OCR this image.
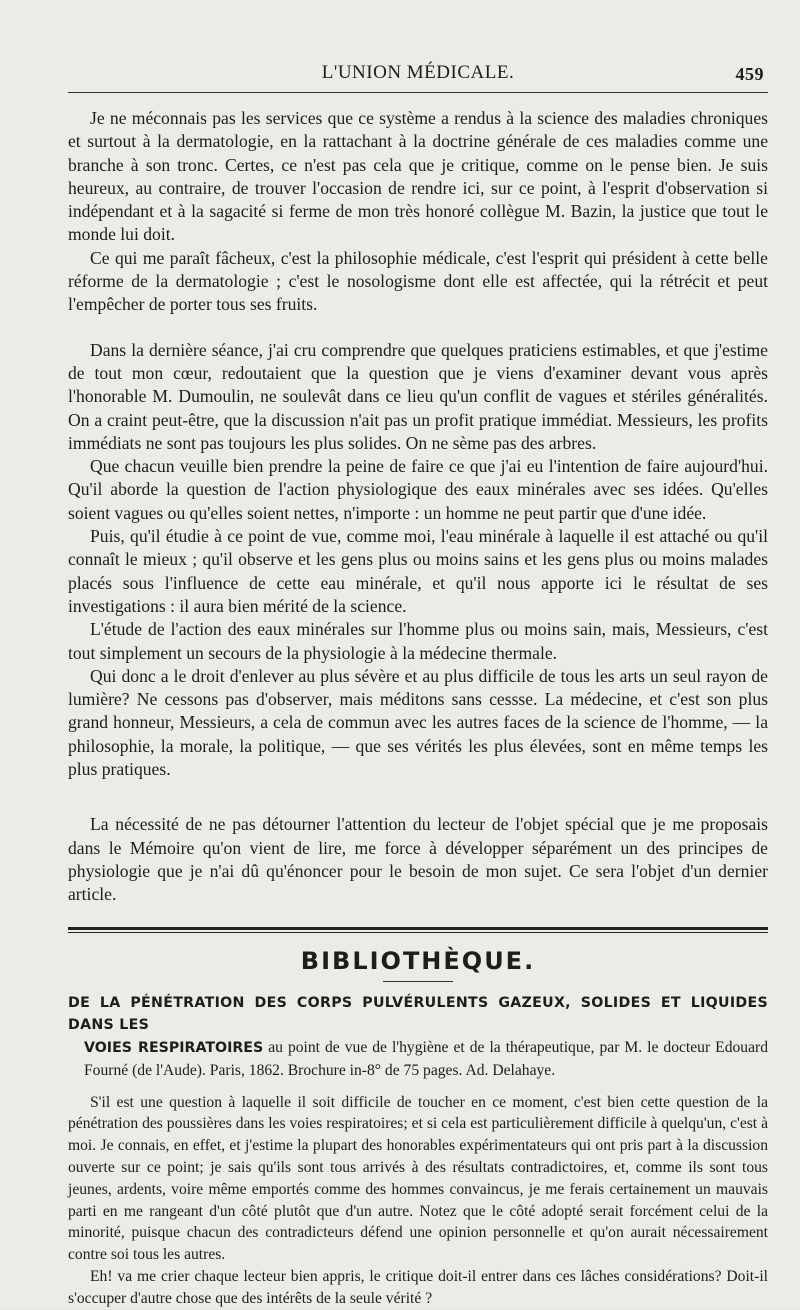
L'UNION MÉDICALE.	459

Je ne méconnais pas les services que ce système a rendus à la science des maladies chroniques et surtout à la dermatologie, en la rattachant à la doctrine générale de ces maladies comme une branche à son tronc. Certes, ce n'est pas cela que je critique, comme on le pense bien. Je suis heureux, au contraire, de trouver l'occasion de rendre ici, sur ce point, à l'esprit d'observation si indépendant et à la sagacité si ferme de mon très honoré collègue M. Bazin, la justice que tout le monde lui doit.

Ce qui me paraît fâcheux, c'est la philosophie médicale, c'est l'esprit qui président à cette belle réforme de la dermatologie ; c'est le nosologisme dont elle est affectée, qui la rétrécit et peut l'empêcher de porter tous ses fruits.

Dans la dernière séance, j'ai cru comprendre que quelques praticiens estimables, et que j'estime de tout mon cœur, redoutaient que la question que je viens d'examiner devant vous après l'honorable M. Dumoulin, ne soulevât dans ce lieu qu'un conflit de vagues et stériles généralités. On a craint peut-être, que la discussion n'ait pas un profit pratique immédiat. Messieurs, les profits immédiats ne sont pas toujours les plus solides. On ne sème pas des arbres.

Que chacun veuille bien prendre la peine de faire ce que j'ai eu l'intention de faire aujourd'hui. Qu'il aborde la question de l'action physiologique des eaux minérales avec ses idées. Qu'elles soient vagues ou qu'elles soient nettes, n'importe : un homme ne peut partir que d'une idée.

Puis, qu'il étudie à ce point de vue, comme moi, l'eau minérale à laquelle il est attaché ou qu'il connaît le mieux ; qu'il observe et les gens plus ou moins sains et les gens plus ou moins malades placés sous l'influence de cette eau minérale, et qu'il nous apporte ici le résultat de ses investigations : il aura bien mérité de la science.

L'étude de l'action des eaux minérales sur l'homme plus ou moins sain, mais, Messieurs, c'est tout simplement un secours de la physiologie à la médecine thermale.

Qui donc a le droit d'enlever au plus sévère et au plus difficile de tous les arts un seul rayon de lumière? Ne cessons pas d'observer, mais méditons sans cessse. La médecine, et c'est son plus grand honneur, Messieurs, a cela de commun avec les autres faces de la science de l'homme, — la philosophie, la morale, la politique, — que ses vérités les plus élevées, sont en même temps les plus pratiques.

La nécessité de ne pas détourner l'attention du lecteur de l'objet spécial que je me proposais dans le Mémoire qu'on vient de lire, me force à développer séparément un des principes de physiologie que je n'ai dû qu'énoncer pour le besoin de mon sujet. Ce sera l'objet d'un dernier article.

BIBLIOTHÈQUE.

DE LA PÉNÉTRATION DES CORPS PULVÉRULENTS GAZEUX, SOLIDES ET LIQUIDES DANS LES

VOIES RESPIRATOIRES au point de vue de l'hygiène et de la thérapeutique, par M. le docteur Edouard Fourné (de l'Aude). Paris, 1862. Brochure in-8° de 75 pages. Ad. Delahaye.

S'il est une question à laquelle il soit difficile de toucher en ce moment, c'est bien cette question de la pénétration des poussières dans les voies respiratoires; et si cela est particulièrement difficile à quelqu'un, c'est à moi. Je connais, en effet, et j'estime la plupart des honorables expérimentateurs qui ont pris part à la discussion ouverte sur ce point; je sais qu'ils sont tous arrivés à des résultats contradictoires, et, comme ils sont tous jeunes, ardents, voire même emportés comme des hommes convaincus, je me ferais certainement un mauvais parti en me rangeant d'un côté plutôt que d'un autre. Notez que le côté adopté serait forcément celui de la minorité, puisque chacun des contradicteurs défend une opinion personnelle et qu'on aurait nécessairement contre soi tous les autres.

Eh! va me crier chaque lecteur bien appris, le critique doit-il entrer dans ces lâches considérations? Doit-il s'occuper d'autre chose que des intérêts de la seule vérité ?
